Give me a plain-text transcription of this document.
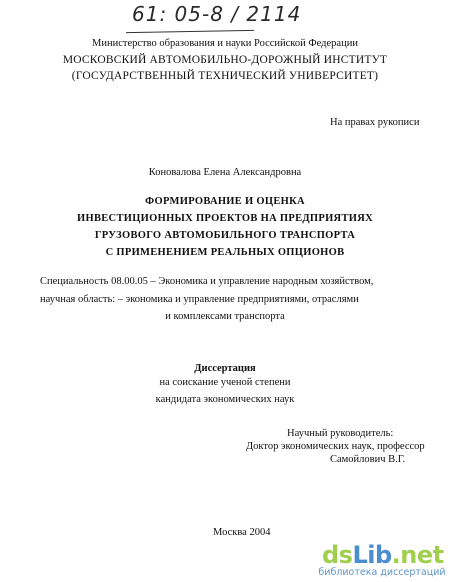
61: 05-8 / 2114
Министерство образования и науки Российской Федерации
МОСКОВСКИЙ АВТОМОБИЛЬНО-ДОРОЖНЫЙ ИНСТИТУТ
(ГОСУДАРСТВЕННЫЙ ТЕХНИЧЕСКИЙ УНИВЕРСИТЕТ)
На правах рукописи
Коновалова Елена Александровна
ФОРМИРОВАНИЕ И ОЦЕНКА
ИНВЕСТИЦИОННЫХ ПРОЕКТОВ НА ПРЕДПРИЯТИЯХ
ГРУЗОВОГО АВТОМОБИЛЬНОГО ТРАНСПОРТА
С ПРИМЕНЕНИЕМ РЕАЛЬНЫХ ОПЦИОНОВ
Специальность 08.00.05 – Экономика и управление народным хозяйством,
научная область: – экономика и управление предприятиями, отраслями
и комплексами транспорта
Диссертация
на соискание ученой степени
кандидата экономических наук
Научный руководитель:
Доктор экономических наук, профессор
Самойлович В.Г.
Москва 2004
ds Lib .net
библиотека диссертаций
